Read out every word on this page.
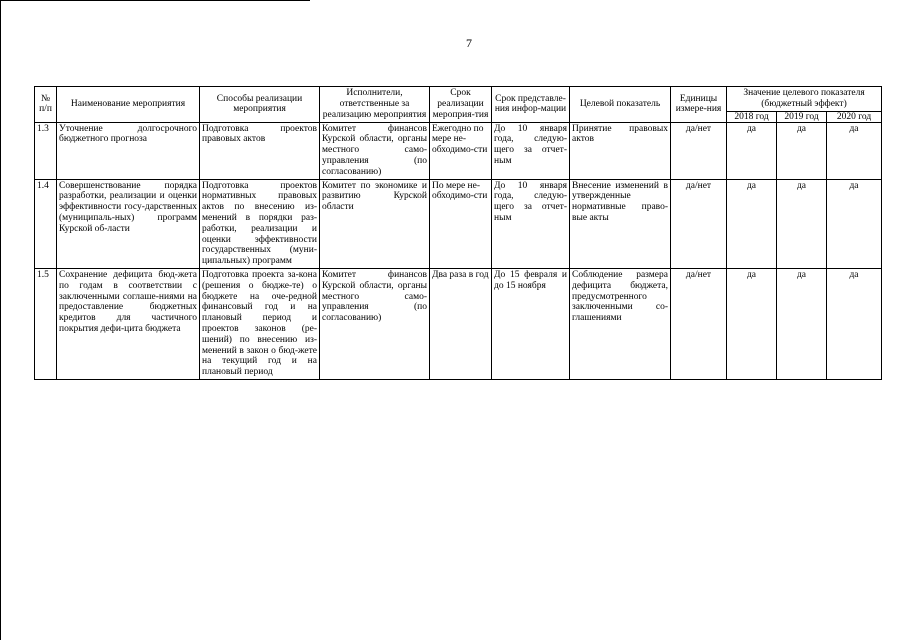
7
№ п/п	Наименование мероприятия	Способы реализации мероприятия	Исполнители, ответственные за реализацию мероприятия	Срок реализации мероприя-тия	Срок представле-ния инфор-мации	Целевой показатель	Единицы измере-ния	Значение целевого показателя (бюджетный эффект)		
								2018 год	2019 год	2020 год
1.3	Уточнение долгосрочного бюджетного прогноза	Подготовка проектов правовых актов	Комитет финансов Курской области, органы местного само-управления (по согласованию)	Ежегодно по мере не-обходимо-сти	До 10 января года, следую-щего за отчет-ным	Принятие правовых актов	да/нет	да	да	да
1.4	Совершенствование порядка разработки, реализации и оценки эффективности госу-дарственных (муниципаль-ных) программ Курской об-ласти	Подготовка проектов нормативных правовых актов по внесению из-менений в порядки раз-работки, реализации и оценки эффективности государственных (муни-ципальных) программ	Комитет по экономике и развитию Курской области	По мере не-обходимо-сти	До 10 января года, следую-щего за отчет-ным	Внесение изменений в утвержденные нормативные право-вые акты	да/нет	да	да	да
1.5	Сохранение дефицита бюд-жета по годам в соответствии с заключенными соглаше-ниями на предоставление бюджетных кредитов для частичного покрытия дефи-цита бюджета	Подготовка проекта за-кона (решения о бюдже-те) о бюджете на оче-редной финансовый год и на плановый период и проектов законов (ре-шений) по внесению из-менений в закон о бюд-жете на текущий год и на плановый период	Комитет финансов Курской области, органы местного само-управления (по согласованию)	Два раза в год	До 15 февраля и до 15 ноября	Соблюдение размера дефицита бюджета, предусмотренного заключенными со-глашениями	да/нет	да	да	да
